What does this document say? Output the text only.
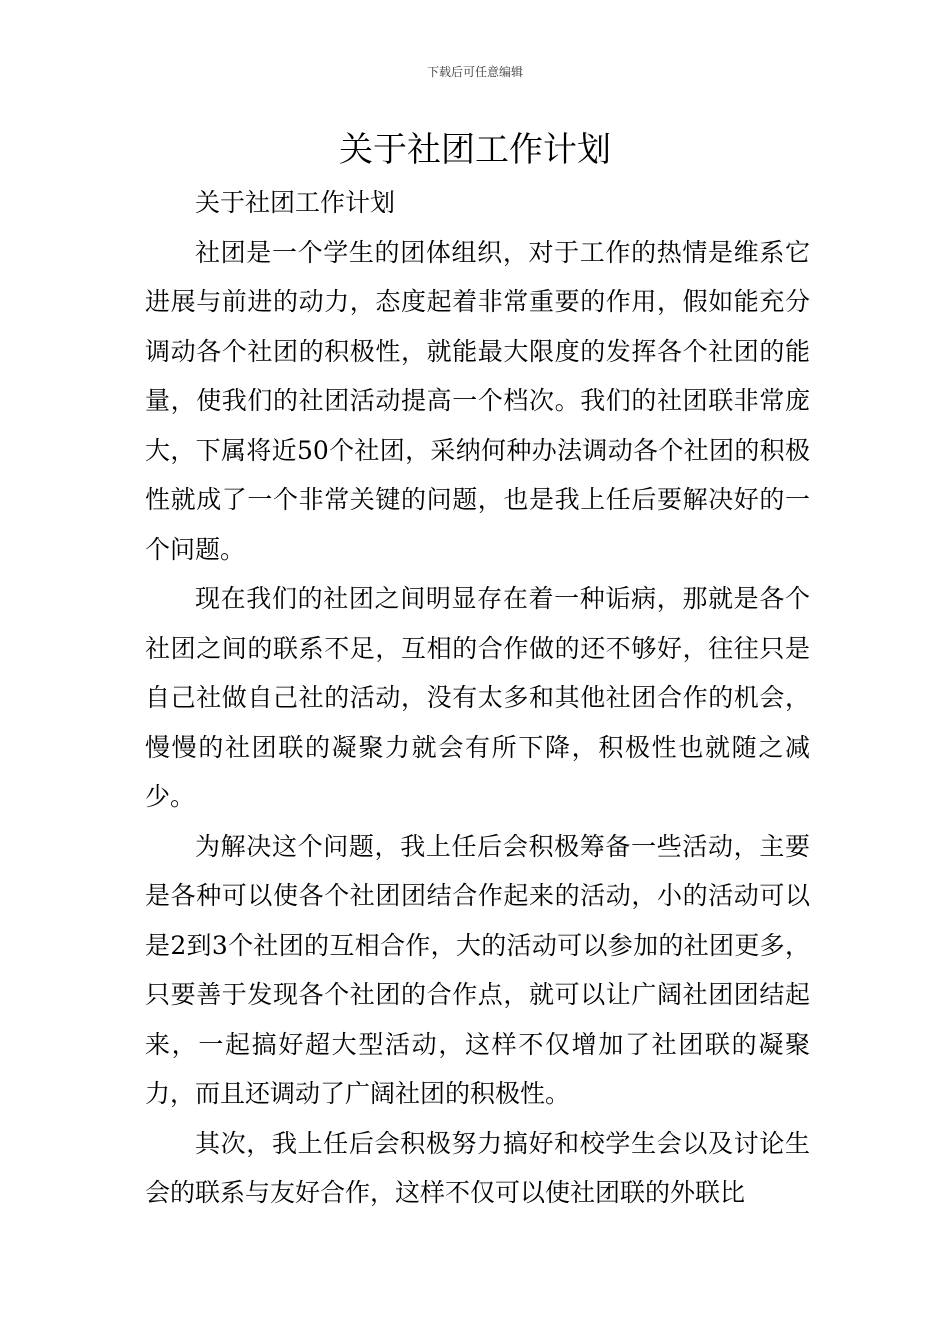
下载后可任意编辑
关于社团工作计划

关于社团工作计划

社团是一个学生的团体组织，对于工作的热情是维系它进展与前进的动力，态度起着非常重要的作用，假如能充分调动各个社团的积极性，就能最大限度的发挥各个社团的能量，使我们的社团活动提高一个档次。我们的社团联非常庞大，下属将近50个社团，采纳何种办法调动各个社团的积极性就成了一个非常关键的问题，也是我上任后要解决好的一个问题。

现在我们的社团之间明显存在着一种诟病，那就是各个社团之间的联系不足，互相的合作做的还不够好，往往只是自己社做自己社的活动，没有太多和其他社团合作的机会，慢慢的社团联的凝聚力就会有所下降，积极性也就随之减少。

为解决这个问题，我上任后会积极筹备一些活动，主要是各种可以使各个社团团结合作起来的活动，小的活动可以是2到3个社团的互相合作，大的活动可以参加的社团更多，只要善于发现各个社团的合作点，就可以让广阔社团团结起来，一起搞好超大型活动，这样不仅增加了社团联的凝聚力，而且还调动了广阔社团的积极性。

其次，我上任后会积极努力搞好和校学生会以及讨论生会的联系与友好合作，这样不仅可以使社团联的外联比
